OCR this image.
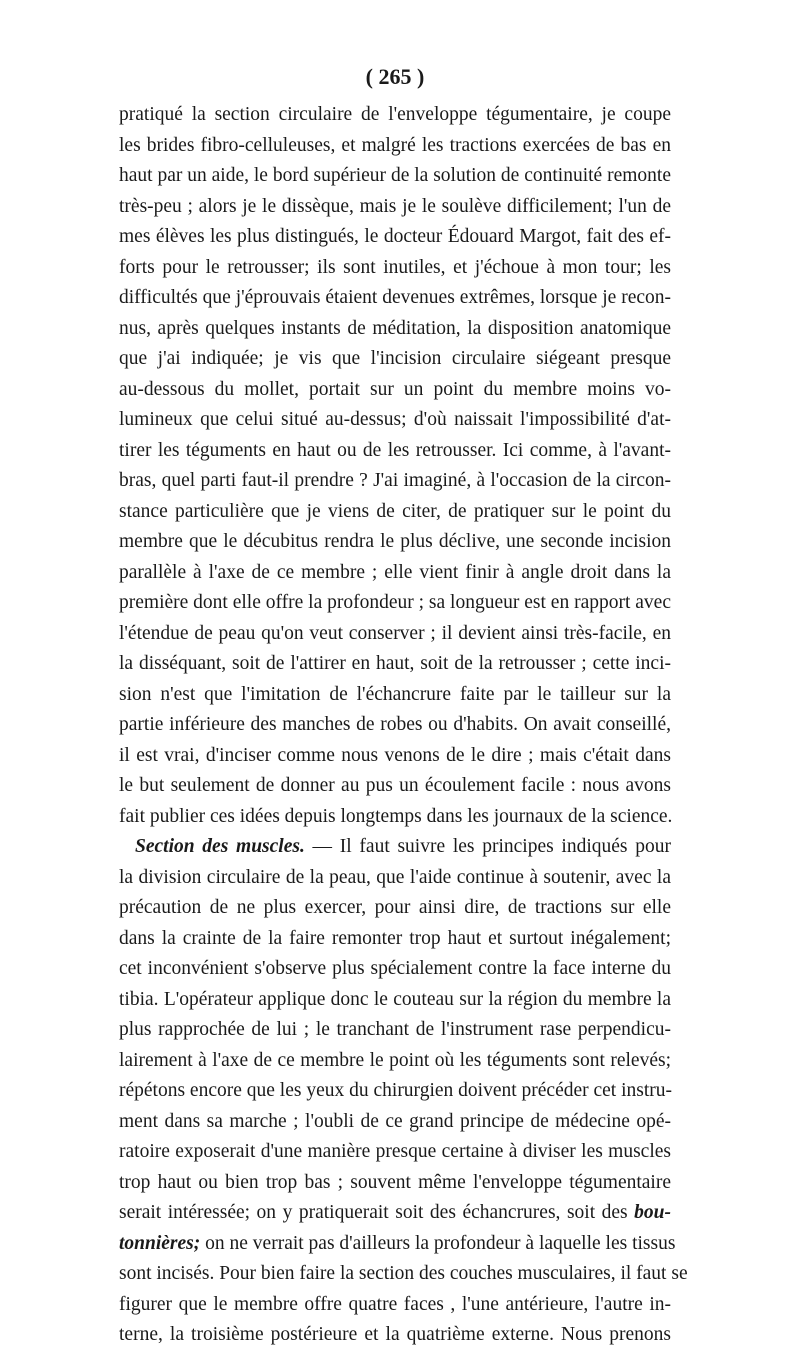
( 265 )
pratiqué la section circulaire de l'enveloppe tégumentaire, je coupe
les brides fibro-celluleuses, et malgré les tractions exercées de bas en
haut par un aide, le bord supérieur de la solution de continuité remonte
très-peu ; alors je le dissèque, mais je le soulève difficilement; l'un de
mes élèves les plus distingués, le docteur Édouard Margot, fait des ef-
forts pour le retrousser; ils sont inutiles, et j'échoue à mon tour; les
difficultés que j'éprouvais étaient devenues extrêmes, lorsque je recon-
nus, après quelques instants de méditation, la disposition anatomique
que j'ai indiquée; je vis que l'incision circulaire siégeant presque
au-dessous du mollet, portait sur un point du membre moins vo-
lumineux que celui situé au-dessus; d'où naissait l'impossibilité d'at-
tirer les téguments en haut ou de les retrousser. Ici comme, à l'avant-
bras, quel parti faut-il prendre ? J'ai imaginé, à l'occasion de la circon-
stance particulière que je viens de citer, de pratiquer sur le point du
membre que le décubitus rendra le plus déclive, une seconde incision
parallèle à l'axe de ce membre ; elle vient finir à angle droit dans la
première dont elle offre la profondeur ; sa longueur est en rapport avec
l'étendue de peau qu'on veut conserver ; il devient ainsi très-facile, en
la disséquant, soit de l'attirer en haut, soit de la retrousser ; cette inci-
sion n'est que l'imitation de l'échancrure faite par le tailleur sur la
partie inférieure des manches de robes ou d'habits. On avait conseillé,
il est vrai, d'inciser comme nous venons de le dire ; mais c'était dans
le but seulement de donner au pus un écoulement facile : nous avons
fait publier ces idées depuis longtemps dans les journaux de la science.
Section des muscles. — Il faut suivre les principes indiqués pour
la division circulaire de la peau, que l'aide continue à soutenir, avec la
précaution de ne plus exercer, pour ainsi dire, de tractions sur elle
dans la crainte de la faire remonter trop haut et surtout inégalement;
cet inconvénient s'observe plus spécialement contre la face interne du
tibia. L'opérateur applique donc le couteau sur la région du membre la
plus rapprochée de lui ; le tranchant de l'instrument rase perpendicu-
lairement à l'axe de ce membre le point où les téguments sont relevés;
répétons encore que les yeux du chirurgien doivent précéder cet instru-
ment dans sa marche ; l'oubli de ce grand principe de médecine opé-
ratoire exposerait d'une manière presque certaine à diviser les muscles
trop haut ou bien trop bas ; souvent même l'enveloppe tégumentaire
serait intéressée; on y pratiquerait soit des échancrures, soit des bou-
tonnières; on ne verrait pas d'ailleurs la profondeur à laquelle les tissus
sont incisés. Pour bien faire la section des couches musculaires, il faut se
figurer que le membre offre quatre faces , l'une antérieure, l'autre in-
terne, la troisième postérieure et la quatrième externe. Nous prenons
